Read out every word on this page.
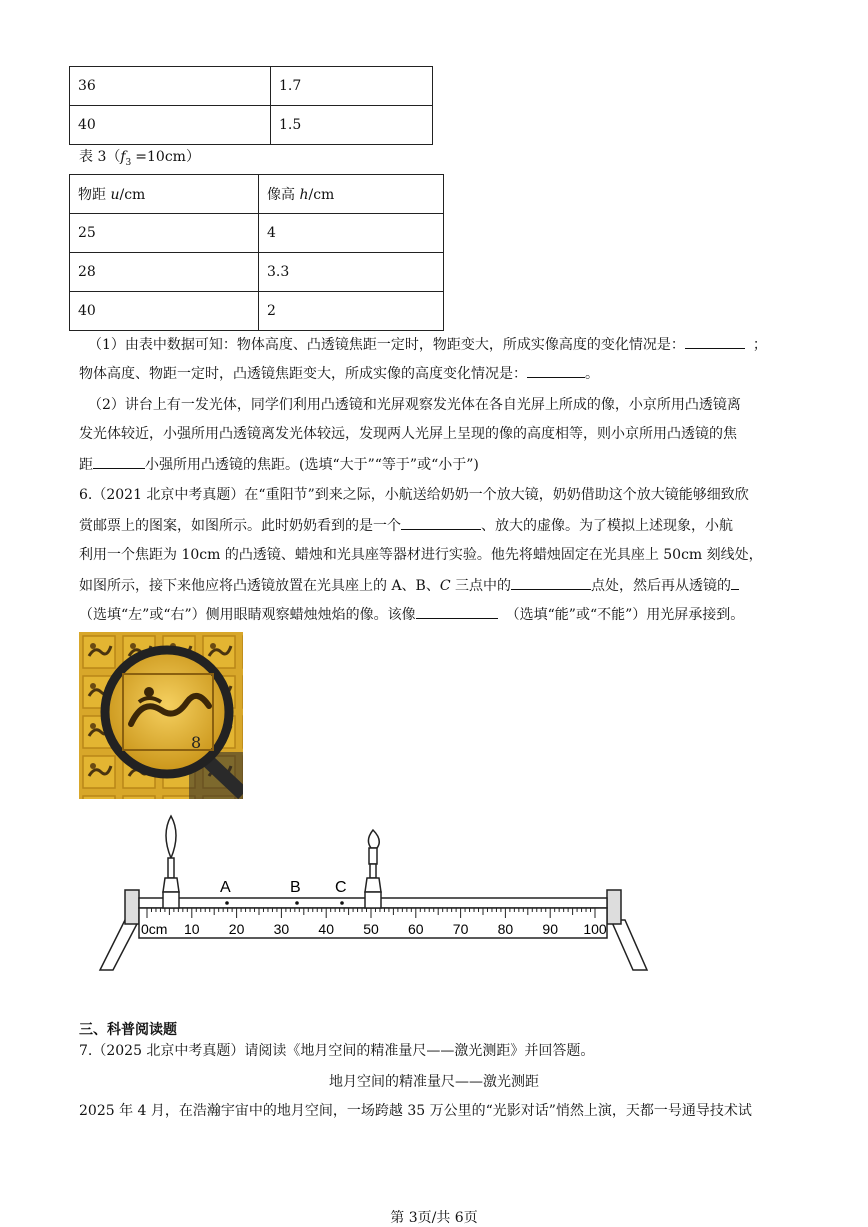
36	1.7
40	1.5
表 $3(f_3 =10cm)$
物距 u/cm	像高 h/cm
25	4
28	3.3
40	2
（1）由表中数据可知：物体高度、凸透镜焦距一定时，物距变大，所成实像高度的变化情况是：	；
物体高度、物距一定时，凸透镜焦距变大，所成实像的高度变化情况是：	。
（2）讲台上有一发光体，同学们利用凸透镜和光屏观察发光体在各自光屏上所成的像，小京所用凸透镜离
发光体较近，小强所用凸透镜离发光体较远，发现两人光屏上呈现的像的高度相等，则小京所用凸透镜的焦
距	小强所用凸透镜的焦距。(选填“大于”“等于”或“小于”)
6.（2021 北京中考真题）在“重阳节”到来之际，小航送给奶奶一个放大镜，奶奶借助这个放大镜能够细致欣
赏邮票上的图案，如图所示。此时奶奶看到的是一个	、放大的虚像。为了模拟上述现象，小航
利用一个焦距为 10cm 的凸透镜、蜡烛和光具座等器材进行实验。他先将蜡烛固定在光具座上 50cm 刻线处，
如图所示，接下来他应将凸透镜放置在光具座上的 A、B、C 三点中的	点处，然后再从透镜的
（选填“左”或“右”）侧用眼睛观察蜡烛烛焰的像。该像	（选填“能”或“不能”）用光屏承接到。
8
0cm 10 20 30 40 50 60 70 80 90 100
A	B C
三、科普阅读题
7.（2025 北京中考真题）请阅读《地月空间的精准量尺——激光测距》并回答题。
地月空间的精准量尺——激光测距
2025 年 4 月，在浩瀚宇宙中的地月空间，一场跨越 35 万公里的“光影对话”悄然上演，天都一号通导技术试
第 3页/共 6页
